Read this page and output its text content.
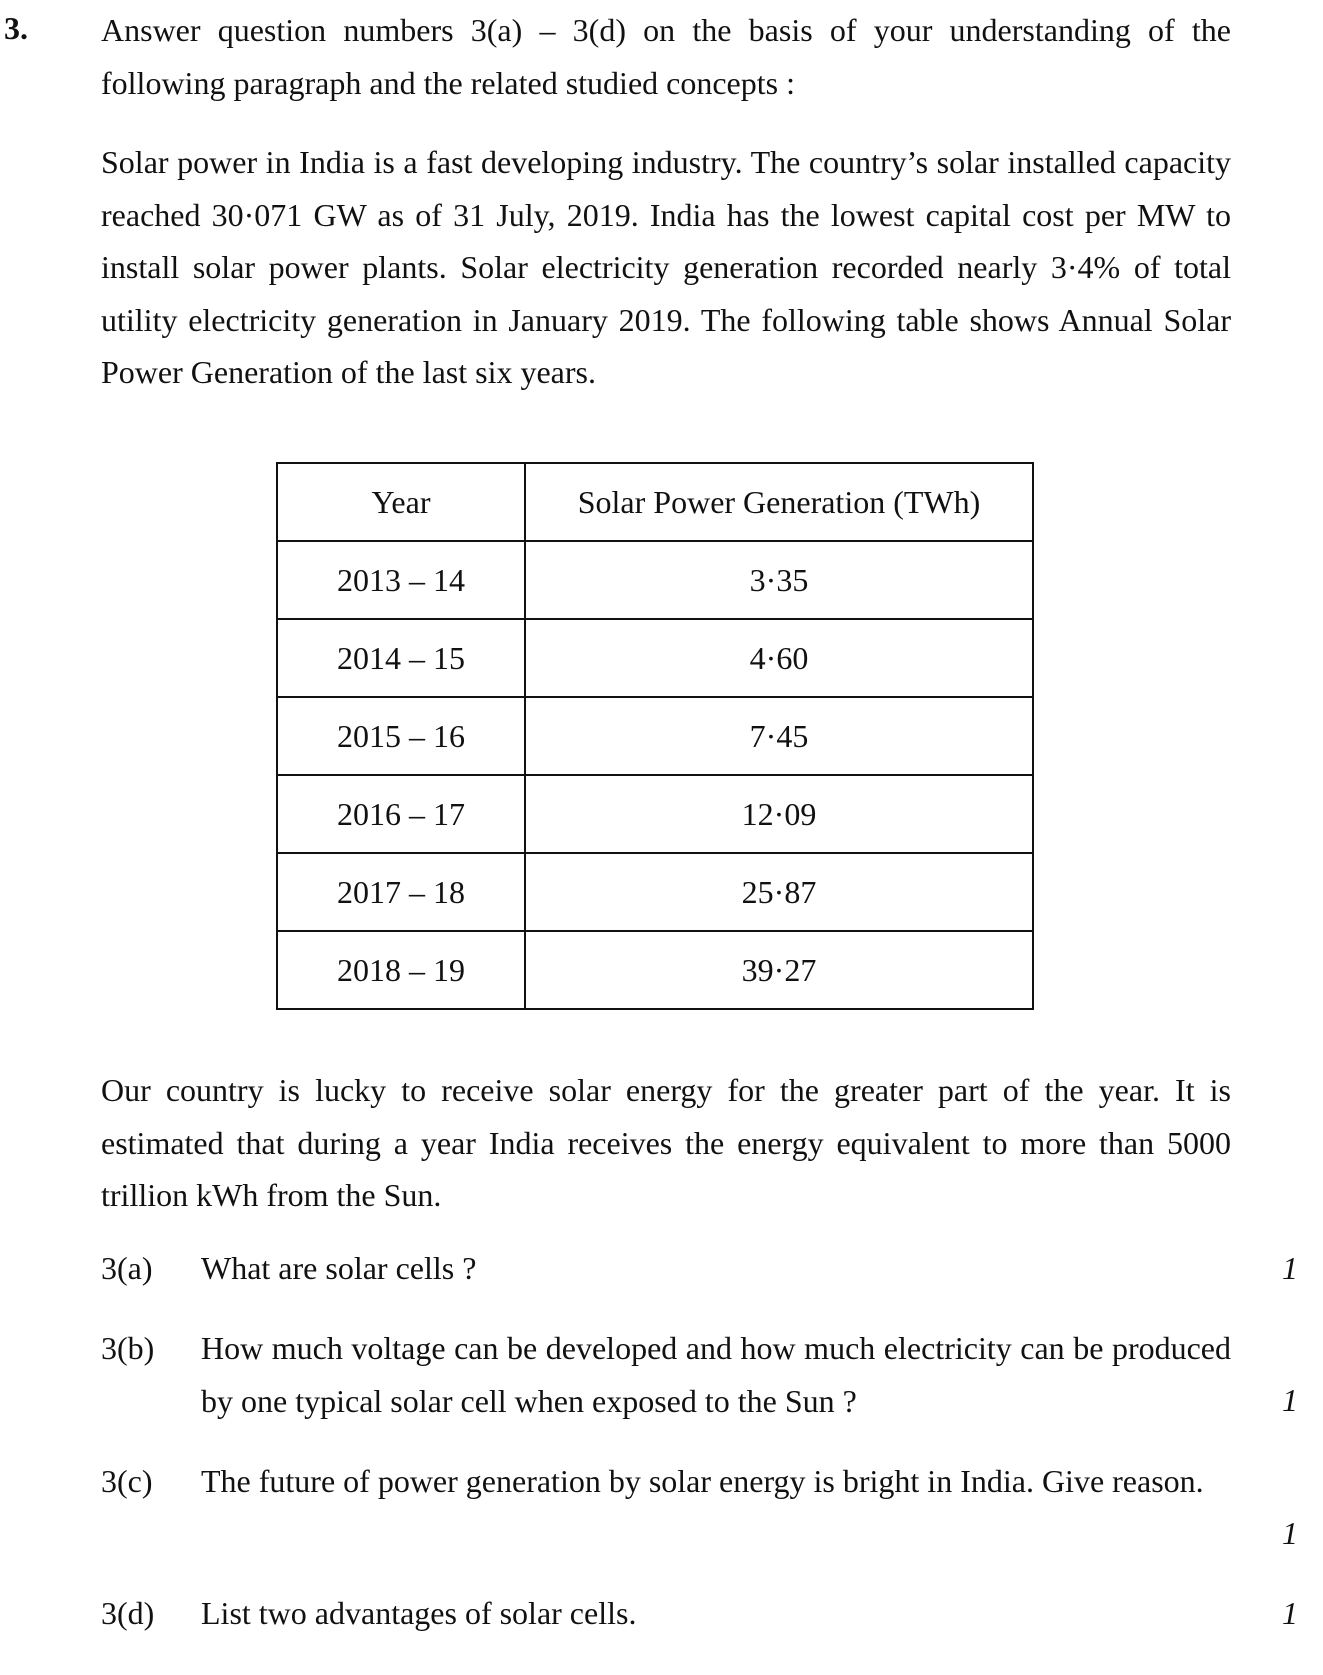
3. Answer question numbers 3(a) – 3(d) on the basis of your understanding of the following paragraph and the related studied concepts :
Solar power in India is a fast developing industry. The country’s solar installed capacity reached 30·071 GW as of 31 July, 2019. India has the lowest capital cost per MW to install solar power plants. Solar electricity generation recorded nearly 3·4% of total utility electricity generation in January 2019. The following table shows Annual Solar Power Generation of the last six years.
Year	Solar Power Generation (TWh)
2013 – 14	3·35
2014 – 15	4·60
2015 – 16	7·45
2016 – 17	12·09
2017 – 18	25·87
2018 – 19	39·27
Our country is lucky to receive solar energy for the greater part of the year. It is estimated that during a year India receives the energy equivalent to more than 5000 trillion kWh from the Sun.
3(a) What are solar cells ?	1
3(b) How much voltage can be developed and how much electricity can be produced by one typical solar cell when exposed to the Sun ?	1
3(c) The future of power generation by solar energy is bright in India. Give reason.
1
3(d) List two advantages of solar cells.	1
